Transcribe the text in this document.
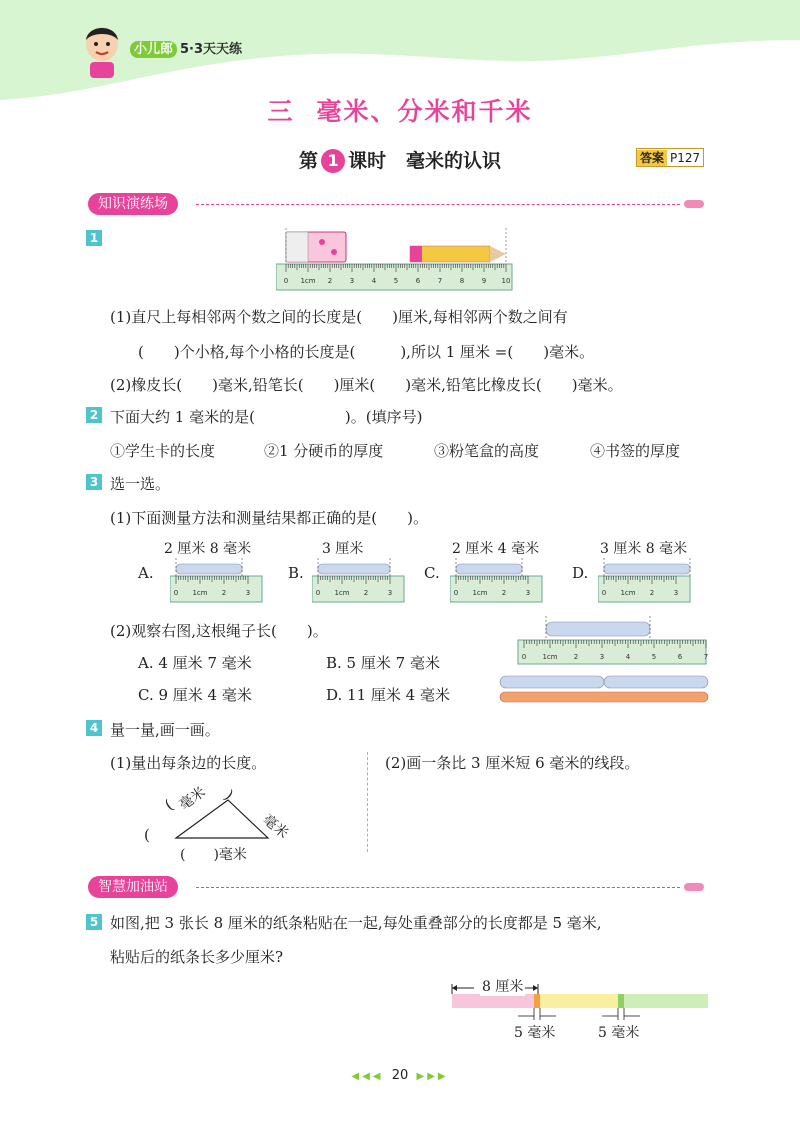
小儿郎 5·3天天练
三 毫米、分米和千米
第 1 课时 毫米的认识	答案 P127
知识演练场
1
0 1cm 2	3	4	5	6	7	8	9 10
(1)直尺上每相邻两个数之间的长度是(　　)厘米,每相邻两个数之间有
(　　)个小格,每个小格的长度是(　　　),所以 1 厘米 =(　　)毫米。
(2)橡皮长(　　)毫米,铅笔长(　　)厘米(　　)毫米,铅笔比橡皮长(　　)毫米。
2 下面大约 1 毫米的是(　　　　　　)。(填序号)
①学生卡的长度	②1 分硬币的厚度	③粉笔盒的高度	④书签的厚度
3 选一选。
(1)下面测量方法和测量结果都正确的是(　　)。
2 厘米 8 毫米	3 厘米	2 厘米 4 毫米	3 厘米 8 毫米
A.	B.	C.	D.
0 1cm 2	3	0 1cm 2	3	0 1cm 2	3	0 1cm 2	3
(2)观察右图,这根绳子长(　　)。
A. 4 厘米 7 毫米	B. 5 厘米 7 毫米
C. 9 厘米 4 毫米	D. 11 厘米 4 毫米
0 1cm 2	3	4	5	6	7
4 量一量,画一画。
(1)量出每条边的长度。	(2)画一条比 3 厘米短 6 毫米的线段。
(
( 毫米 )
毫米
(　　)毫米
智慧加油站
5 如图,把 3 张长 8 厘米的纸条粘贴在一起,每处重叠部分的长度都是 5 毫米,
粘贴后的纸条长多少厘米?
8 厘米
5 毫米	5 毫米
◀◀◀ 20 ▶▶▶
